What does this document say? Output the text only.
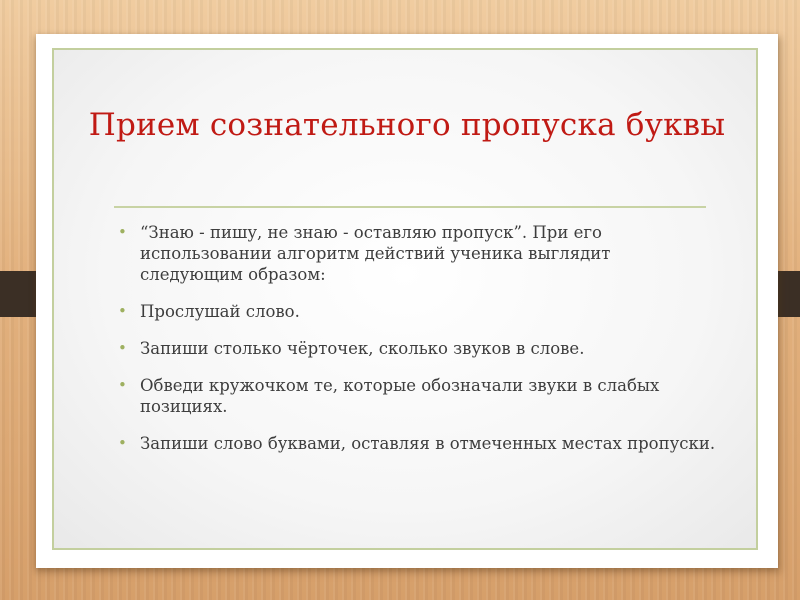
Прием сознательного пропуска буквы
• “Знаю - пишу, не знаю - оставляю пропуск”. При его использовании алгоритм действий ученика выглядит следующим образом:
• Прослушай слово.
• Запиши столько чёрточек, сколько звуков в слове.
• Обведи кружочком те, которые обозначали звуки в слабых позициях.
• Запиши слово буквами, оставляя в отмеченных местах пропуски.
